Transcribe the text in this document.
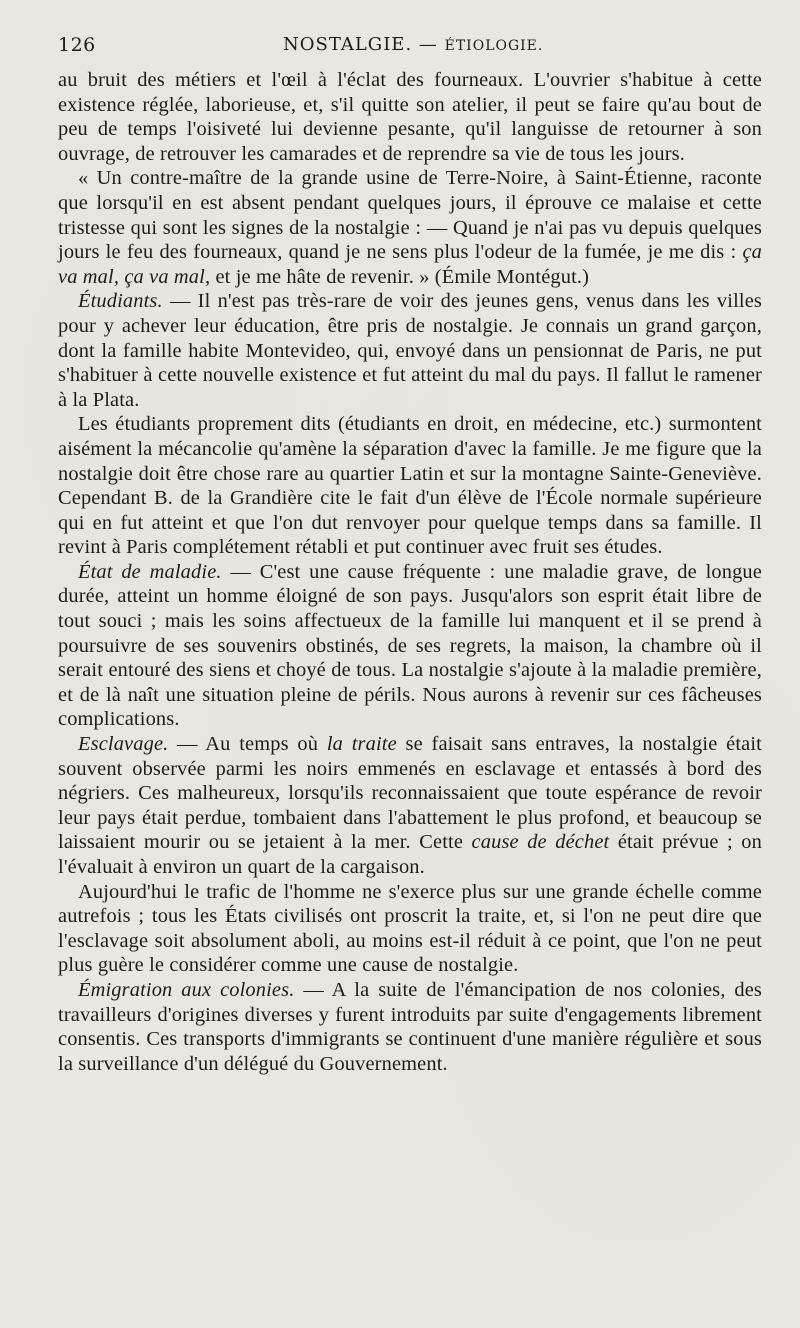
126	NOSTALGIE. — ÉTIOLOGIE.

au bruit des métiers et l'œil à l'éclat des fourneaux. L'ouvrier s'habitue à cette existence réglée, laborieuse, et, s'il quitte son atelier, il peut se faire qu'au bout de peu de temps l'oisiveté lui devienne pesante, qu'il languisse de retourner à son ouvrage, de retrouver les camarades et de reprendre sa vie de tous les jours.

« Un contre-maître de la grande usine de Terre-Noire, à Saint-Étienne, raconte que lorsqu'il en est absent pendant quelques jours, il éprouve ce malaise et cette tristesse qui sont les signes de la nostalgie : — Quand je n'ai pas vu depuis quelques jours le feu des fourneaux, quand je ne sens plus l'odeur de la fumée, je me dis : ça va mal, ça va mal, et je me hâte de revenir. » (Émile Montégut.)

Étudiants. — Il n'est pas très-rare de voir des jeunes gens, venus dans les villes pour y achever leur éducation, être pris de nostalgie. Je connais un grand garçon, dont la famille habite Montevideo, qui, envoyé dans un pensionnat de Paris, ne put s'habituer à cette nouvelle existence et fut atteint du mal du pays. Il fallut le ramener à la Plata.

Les étudiants proprement dits (étudiants en droit, en médecine, etc.) surmontent aisément la mécancolie qu'amène la séparation d'avec la famille. Je me figure que la nostalgie doit être chose rare au quartier Latin et sur la montagne Sainte-Geneviève. Cependant B. de la Grandière cite le fait d'un élève de l'École normale supérieure qui en fut atteint et que l'on dut renvoyer pour quelque temps dans sa famille. Il revint à Paris complétement rétabli et put continuer avec fruit ses études.

État de maladie. — C'est une cause fréquente : une maladie grave, de longue durée, atteint un homme éloigné de son pays. Jusqu'alors son esprit était libre de tout souci ; mais les soins affectueux de la famille lui manquent et il se prend à poursuivre de ses souvenirs obstinés, de ses regrets, la maison, la chambre où il serait entouré des siens et choyé de tous. La nostalgie s'ajoute à la maladie première, et de là naît une situation pleine de périls. Nous aurons à revenir sur ces fâcheuses complications.

Esclavage. — Au temps où la traite se faisait sans entraves, la nostalgie était souvent observée parmi les noirs emmenés en esclavage et entassés à bord des négriers. Ces malheureux, lorsqu'ils reconnaissaient que toute espérance de revoir leur pays était perdue, tombaient dans l'abattement le plus profond, et beaucoup se laissaient mourir ou se jetaient à la mer. Cette cause de déchet était prévue ; on l'évaluait à environ un quart de la cargaison.

Aujourd'hui le trafic de l'homme ne s'exerce plus sur une grande échelle comme autrefois ; tous les États civilisés ont proscrit la traite, et, si l'on ne peut dire que l'esclavage soit absolument aboli, au moins est-il réduit à ce point, que l'on ne peut plus guère le considérer comme une cause de nostalgie.

Émigration aux colonies. — A la suite de l'émancipation de nos colonies, des travailleurs d'origines diverses y furent introduits par suite d'engagements librement consentis. Ces transports d'immigrants se continuent d'une manière régulière et sous la surveillance d'un délégué du Gouvernement.
